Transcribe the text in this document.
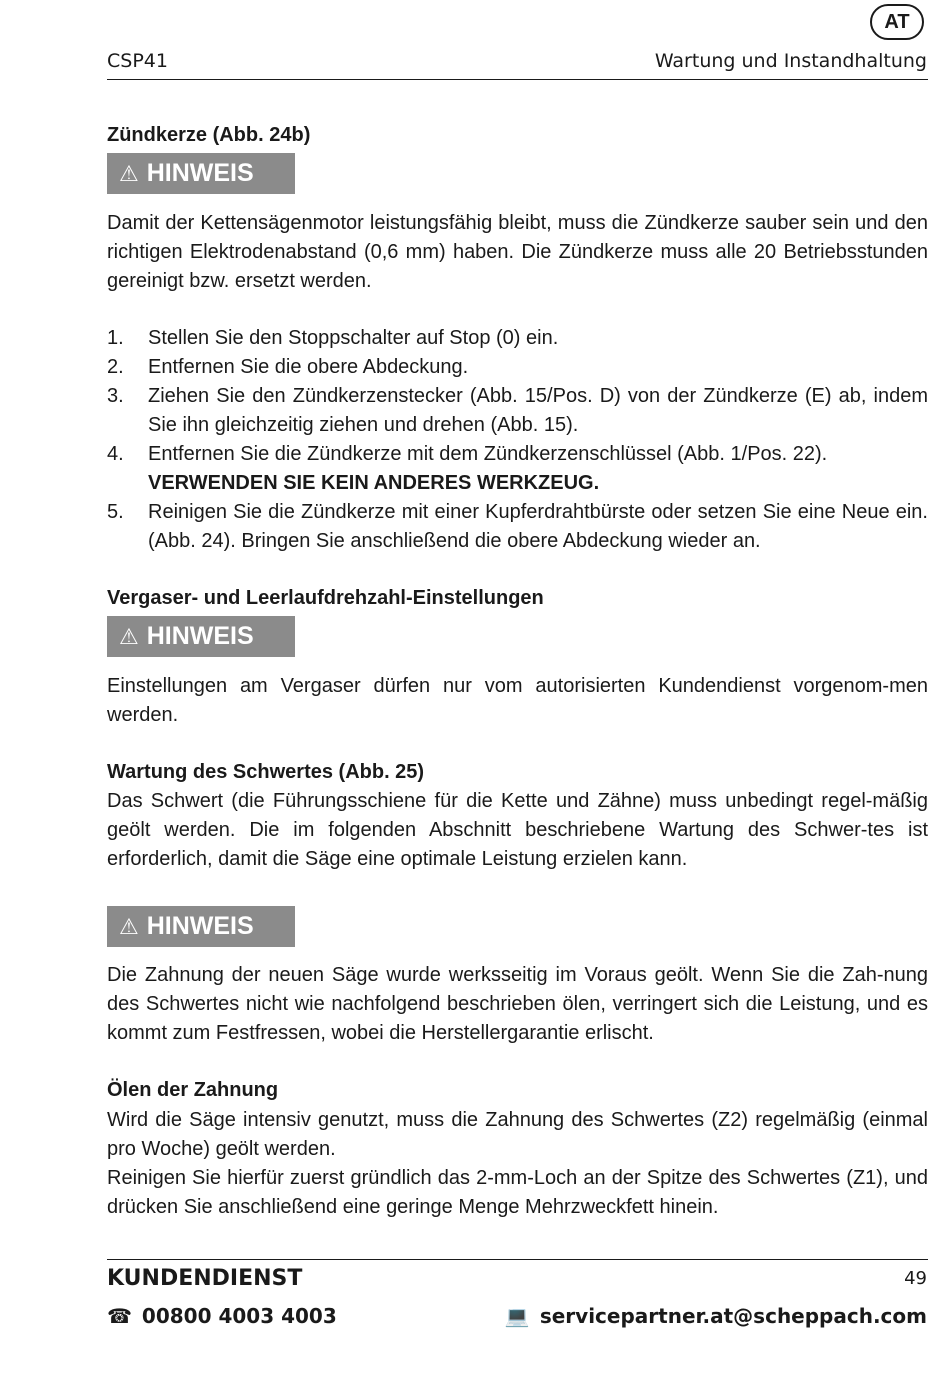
AT
CSP41	Wartung und Instandhaltung
Zündkerze (Abb. 24b)
⚠ HINWEIS
Damit der Kettensägenmotor leistungsfähig bleibt, muss die Zündkerze sauber sein und den richtigen Elektrodenabstand (0,6 mm) haben. Die Zündkerze muss alle 20 Betriebsstunden gereinigt bzw. ersetzt werden.
1. Stellen Sie den Stoppschalter auf Stop (0) ein.
2. Entfernen Sie die obere Abdeckung.
3. Ziehen Sie den Zündkerzenstecker (Abb. 15/Pos. D) von der Zündkerze (E) ab, indem Sie ihn gleichzeitig ziehen und drehen (Abb. 15).
4. Entfernen Sie die Zündkerze mit dem Zündkerzenschlüssel (Abb. 1/Pos. 22).
VERWENDEN SIE KEIN ANDERES WERKZEUG.
5. Reinigen Sie die Zündkerze mit einer Kupferdrahtbürste oder setzen Sie eine Neue ein.(Abb. 24). Bringen Sie anschließend die obere Abdeckung wieder an.
Vergaser- und Leerlaufdrehzahl-Einstellungen
⚠ HINWEIS
Einstellungen am Vergaser dürfen nur vom autorisierten Kundendienst vorgenom-men werden.
Wartung des Schwertes (Abb. 25)
Das Schwert (die Führungsschiene für die Kette und Zähne) muss unbedingt regel-mäßig geölt werden. Die im folgenden Abschnitt beschriebene Wartung des Schwer-tes ist erforderlich, damit die Säge eine optimale Leistung erzielen kann.
⚠ HINWEIS
Die Zahnung der neuen Säge wurde werksseitig im Voraus geölt. Wenn Sie die Zah-nung des Schwertes nicht wie nachfolgend beschrieben ölen, verringert sich die Leistung, und es kommt zum Festfressen, wobei die Herstellergarantie erlischt.
Ölen der Zahnung
Wird die Säge intensiv genutzt, muss die Zahnung des Schwertes (Z2) regelmäßig (einmal pro Woche) geölt werden.
Reinigen Sie hierfür zuerst gründlich das 2-mm-Loch an der Spitze des Schwertes (Z1), und drücken Sie anschließend eine geringe Menge Mehrzweckfett hinein.
KUNDENDIENST	49
☎ 00800 4003 4003	💻 servicepartner.at@scheppach.com
